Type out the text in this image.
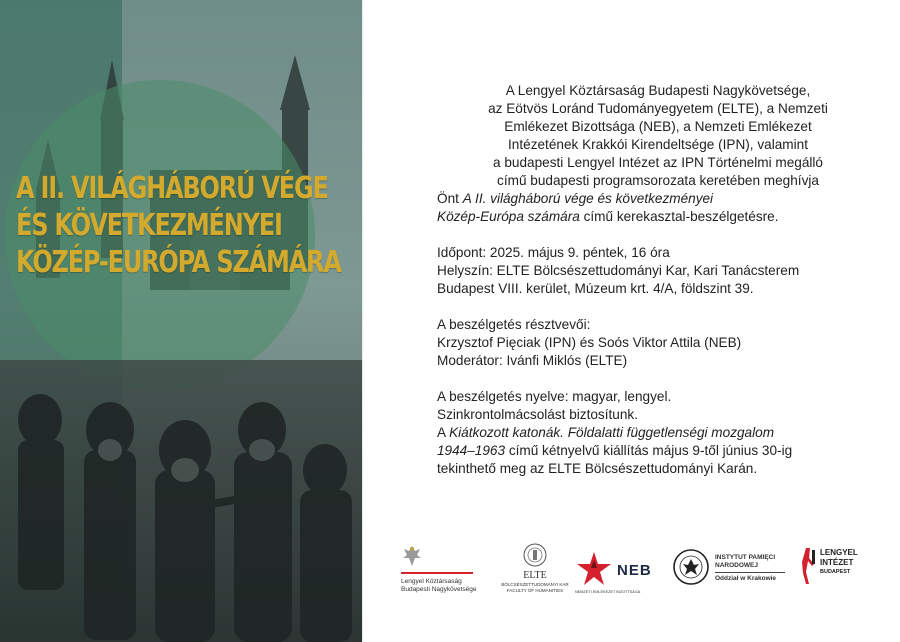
A II. VILÁGHÁBORÚ VÉGE
ÉS KÖVETKEZMÉNYEI
KÖZÉP-EURÓPA SZÁMÁRA

A Lengyel Köztársaság Budapesti Nagykövetsége,
az Eötvös Loránd Tudományegyetem (ELTE), a Nemzeti
Emlékezet Bizottsága (NEB), a Nemzeti Emlékezet
Intézetének Krakkói Kirendeltsége (IPN), valamint
a budapesti Lengyel Intézet az IPN Történelmi megálló
című budapesti programsorozata keretében meghívja
Önt A II. világháború vége és következményei
Közép-Európa számára című kerekasztal-beszélgetésre.

Időpont: 2025. május 9. péntek, 16 óra
Helyszín: ELTE Bölcsészettudományi Kar, Kari Tanácsterem
Budapest VIII. kerület, Múzeum krt. 4/A, földszint 39.

A beszélgetés résztvevői:
Krzysztof Pięciak (IPN) és Soós Viktor Attila (NEB)
Moderátor: Ivánfi Miklós (ELTE)

A beszélgetés nyelve: magyar, lengyel.
Szinkrontolmácsolást biztosítunk.
A Kiátkozott katonák. Földalatti függetlenségi mozgalom
1944–1963 című kétnyelvű kiállítás május 9-től június 30-ig
tekinthető meg az ELTE Bölcsészettudományi Karán.

Lengyel Köztársaság
Budapesti Nagykövetsége
ELTE
BÖLCSÉSZETTUDOMÁNYI KAR
FACULTY OF HUMANITIES
NEB
NEMZETI EMLÉKEZET BIZOTTSÁGA
INSTYTUT PAMIĘCI
NARODOWEJ
Oddział w Krakowie
LENGYEL
INTÉZET
BUDAPEST
